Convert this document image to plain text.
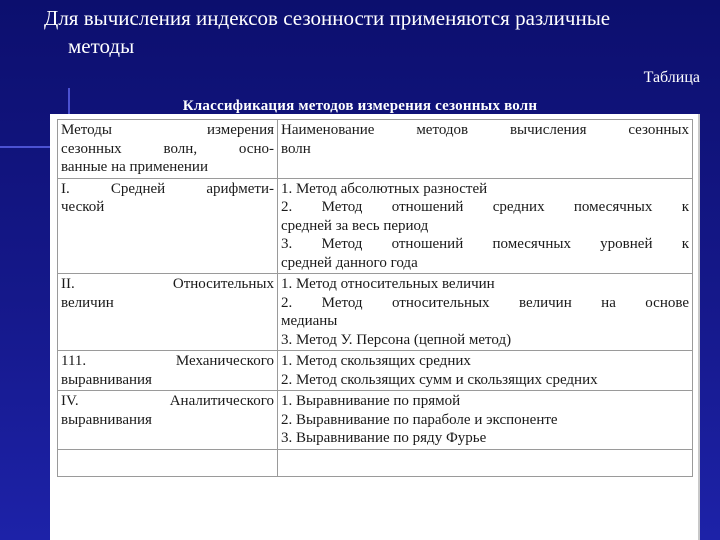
Для вычисления индексов сезонности применяются различные
методы
Таблица
Классификация методов измерения сезонных волн
Методы измерения
сезонных волн, осно-
ванные на применении	Наименование методов вычисления сезонных
волн

I. Средней арифмети-
ческой	1. Метод абсолютных разностей
2. Метод отношений средних помесячных к
средней за весь период
3. Метод отношений помесячных уровней к
средней данного года

II. Относительных
величин	1. Метод относительных величин
2. Метод относительных величин на основе
медианы
3. Метод У. Персона (цепной метод)

111. Механического
выравнивания	1. Метод скользящих средних
2. Метод скользящих сумм и скользящих средних

IV. Аналитического
выравнивания	1. Выравнивание по прямой
2. Выравнивание по параболе и экспоненте
3. Выравнивание по ряду Фурье
